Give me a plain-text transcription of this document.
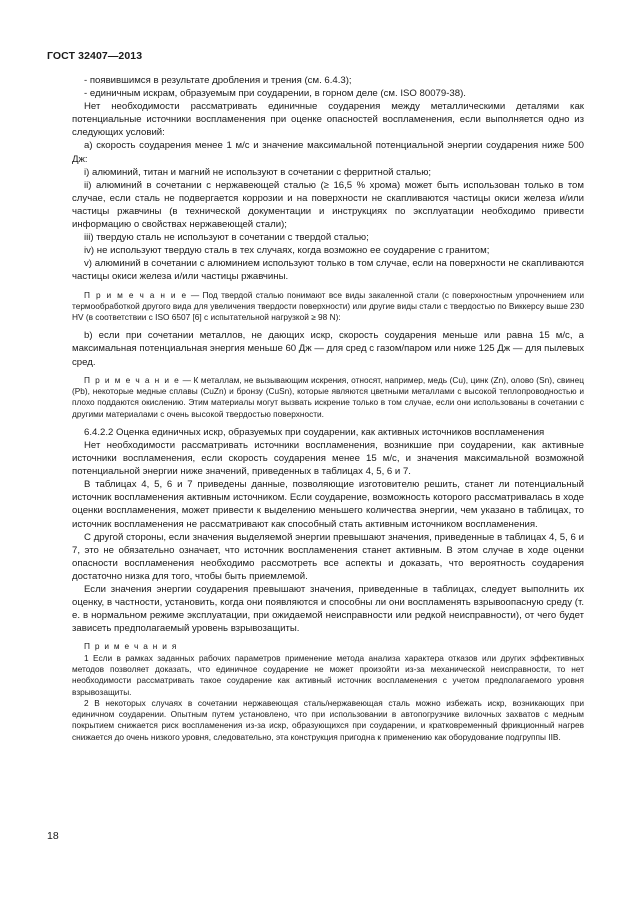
ГОСТ 32407—2013

- появившимся в результате дробления и трения (см. 6.4.3);

- единичным искрам, образуемым при соударении, в горном деле (см. ISO 80079-38).

Нет необходимости рассматривать единичные соударения между металлическими деталями как потенциальные источники воспламенения при оценке опасностей воспламенения, если выполняется одно из следующих условий:

a) скорость соударения менее 1 м/с и значение максимальной потенциальной энергии соударения ниже 500 Дж:

i) алюминий, титан и магний не используют в сочетании с ферритной сталью;

ii) алюминий в сочетании с нержавеющей сталью (≥ 16,5 % хрома) может быть использован только в том случае, если сталь не подвергается коррозии и на поверхности не скапливаются частицы окиси железа и/или частицы ржавчины (в технической документации и инструкциях по эксплуатации необходимо привести информацию о свойствах нержавеющей стали);

iii) твердую сталь не используют в сочетании с твердой сталью;

iv) не используют твердую сталь в тех случаях, когда возможно ее соударение с гранитом;

v) алюминий в сочетании с алюминием используют только в том случае, если на поверхности не скапливаются частицы окиси железа и/или частицы ржавчины.

П р и м е ч а н и е — Под твердой сталью понимают все виды закаленной стали (с поверхностным упрочнением или термообработкой другого вида для увеличения твердости поверхности) или другие виды стали с твердостью по Виккерсу выше 230 HV (в соответствии с ISO 6507 [6] с испытательной нагрузкой ≥ 98 N):

b) если при сочетании металлов, не дающих искр, скорость соударения меньше или равна 15 м/с, а максимальная потенциальная энергия меньше 60 Дж — для сред с газом/паром или ниже 125 Дж — для пылевых сред.

П р и м е ч а н и е — К металлам, не вызывающим искрения, относят, например, медь (Cu), цинк (Zn), олово (Sn), свинец (Pb), некоторые медные сплавы (CuZn) и бронзу (CuSn), которые являются цветными металлами с высокой теплопроводностью и плохо поддаются окислению. Этим материалы могут вызвать искрение только в том случае, если они использованы в сочетании с другими материалами с очень высокой твердостью поверхности.

6.4.2.2 Оценка единичных искр, образуемых при соударении, как активных источников воспламенения

Нет необходимости рассматривать источники воспламенения, возникшие при соударении, как активные источники воспламенения, если скорость соударения менее 15 м/с, и значения максимальной возможной потенциальной энергии ниже значений, приведенных в таблицах 4, 5, 6 и 7.

В таблицах 4, 5, 6 и 7 приведены данные, позволяющие изготовителю решить, станет ли потенциальный источник воспламенения активным источником. Если соударение, возможность которого рассматривалась в ходе оценки воспламенения, может привести к выделению меньшего количества энергии, чем указано в таблицах, то источник воспламенения не рассматривают как способный стать активным источником воспламенения.

С другой стороны, если значения выделяемой энергии превышают значения, приведенные в таблицах 4, 5, 6 и 7, это не обязательно означает, что источник воспламенения станет активным. В этом случае в ходе оценки опасности воспламенения необходимо рассмотреть все аспекты и доказать, что вероятность соударения достаточно низка для того, чтобы быть приемлемой.

Если значения энергии соударения превышают значения, приведенные в таблицах, следует выполнить их оценку, в частности, установить, когда они появляются и способны ли они воспламенять взрывоопасную среду (т. е. в нормальном режиме эксплуатации, при ожидаемой неисправности или редкой неисправности), от чего будет зависеть предполагаемый уровень взрывозащиты.

П р и м е ч а н и я

1 Если в рамках заданных рабочих параметров применение метода анализа характера отказов или других эффективных методов позволяет доказать, что единичное соударение не может произойти из-за механической неисправности, то нет необходимости рассматривать такое соударение как активный источник воспламенения с учетом предполагаемого уровня взрывозащиты.

2 В некоторых случаях в сочетании нержавеющая сталь/нержавеющая сталь можно избежать искр, возникающих при единичном соударении. Опытным путем установлено, что при использовании в автопогрузчике вилочных захватов с медным покрытием снижается риск воспламенения из-за искр, образующихся при соударении, и кратковременный фрикционный нагрев снижается до очень низкого уровня, следовательно, эта конструкция пригодна к применению как оборудование подгруппы IIB.

18
